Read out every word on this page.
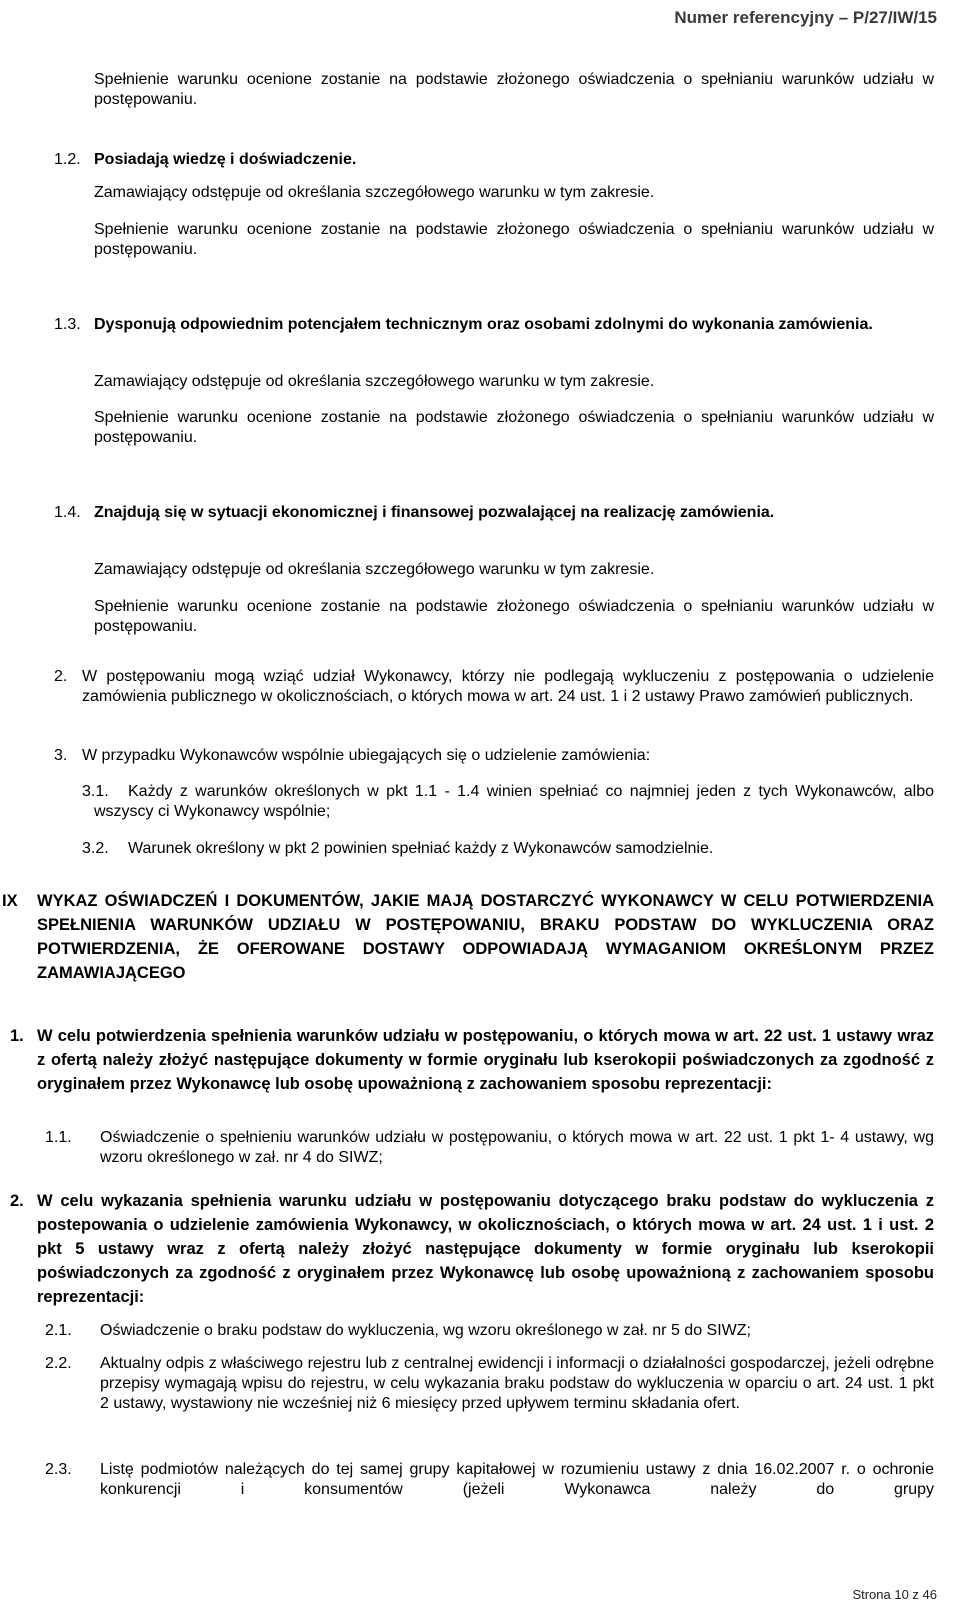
Numer referencyjny – P/27/IW/15
Spełnienie warunku ocenione zostanie na podstawie złożonego oświadczenia o spełnianiu warunków udziału w postępowaniu.
1.2. Posiadają wiedzę i doświadczenie.
Zamawiający odstępuje od określania szczegółowego warunku w tym zakresie.
Spełnienie warunku ocenione zostanie na podstawie złożonego oświadczenia o spełnianiu warunków udziału w postępowaniu.
1.3. Dysponują odpowiednim potencjałem technicznym oraz osobami zdolnymi do wykonania zamówienia.
Zamawiający odstępuje od określania szczegółowego warunku w tym zakresie.
Spełnienie warunku ocenione zostanie na podstawie złożonego oświadczenia o spełnianiu warunków udziału w postępowaniu.
1.4. Znajdują się w sytuacji ekonomicznej i finansowej pozwalającej na realizację zamówienia.
Zamawiający odstępuje od określania szczegółowego warunku w tym zakresie.
Spełnienie warunku ocenione zostanie na podstawie złożonego oświadczenia o spełnianiu warunków udziału w postępowaniu.
2. W postępowaniu mogą wziąć udział Wykonawcy, którzy nie podlegają wykluczeniu z postępowania o udzielenie zamówienia publicznego w okolicznościach, o których mowa w art. 24 ust. 1 i 2 ustawy Prawo zamówień publicznych.
3. W przypadku Wykonawców wspólnie ubiegających się o udzielenie zamówienia:
3.1.	Każdy z warunków określonych w pkt 1.1 - 1.4 winien spełniać co najmniej jeden z tych Wykonawców, albo wszyscy ci Wykonawcy wspólnie;
3.2. Warunek określony w pkt 2 powinien spełniać każdy z Wykonawców samodzielnie.
IX WYKAZ OŚWIADCZEŃ I DOKUMENTÓW, JAKIE MAJĄ DOSTARCZYĆ WYKONAWCY W CELU POTWIERDZENIA SPEŁNIENIA WARUNKÓW UDZIAŁU W POSTĘPOWANIU, BRAKU PODSTAW DO WYKLUCZENIA ORAZ POTWIERDZENIA, ŻE OFEROWANE DOSTAWY ODPOWIADAJĄ WYMAGANIOM OKREŚLONYM PRZEZ ZAMAWIAJĄCEGO
1. W celu potwierdzenia spełnienia warunków udziału w postępowaniu, o których mowa w art. 22 ust. 1 ustawy wraz z ofertą należy złożyć następujące dokumenty w formie oryginału lub kserokopii poświadczonych za zgodność z oryginałem przez Wykonawcę lub osobę upoważnioną z zachowaniem sposobu reprezentacji:
1.1. Oświadczenie o spełnieniu warunków udziału w postępowaniu, o których mowa w art. 22 ust. 1 pkt 1- 4 ustawy, wg wzoru określonego w zał. nr 4 do SIWZ;
2. W celu wykazania spełnienia warunku udziału w postępowaniu dotyczącego braku podstaw do wykluczenia z postepowania o udzielenie zamówienia Wykonawcy, w okolicznościach, o których mowa w art. 24 ust. 1 i ust. 2 pkt 5 ustawy wraz z ofertą należy złożyć następujące dokumenty w formie oryginału lub kserokopii poświadczonych za zgodność z oryginałem przez Wykonawcę lub osobę upoważnioną z zachowaniem sposobu reprezentacji:
2.1. Oświadczenie o braku podstaw do wykluczenia, wg wzoru określonego w zał. nr 5 do SIWZ;
2.2. Aktualny odpis z właściwego rejestru lub z centralnej ewidencji i informacji o działalności gospodarczej, jeżeli odrębne przepisy wymagają wpisu do rejestru, w celu wykazania braku podstaw do wykluczenia w oparciu o art. 24 ust. 1 pkt 2 ustawy, wystawiony nie wcześniej niż 6 miesięcy przed upływem terminu składania ofert.
2.3. Listę podmiotów należących do tej samej grupy kapitałowej w rozumieniu ustawy z dnia 16.02.2007 r. o ochronie konkurencji i konsumentów (jeżeli Wykonawca należy do grupy
Strona 10 z 46
